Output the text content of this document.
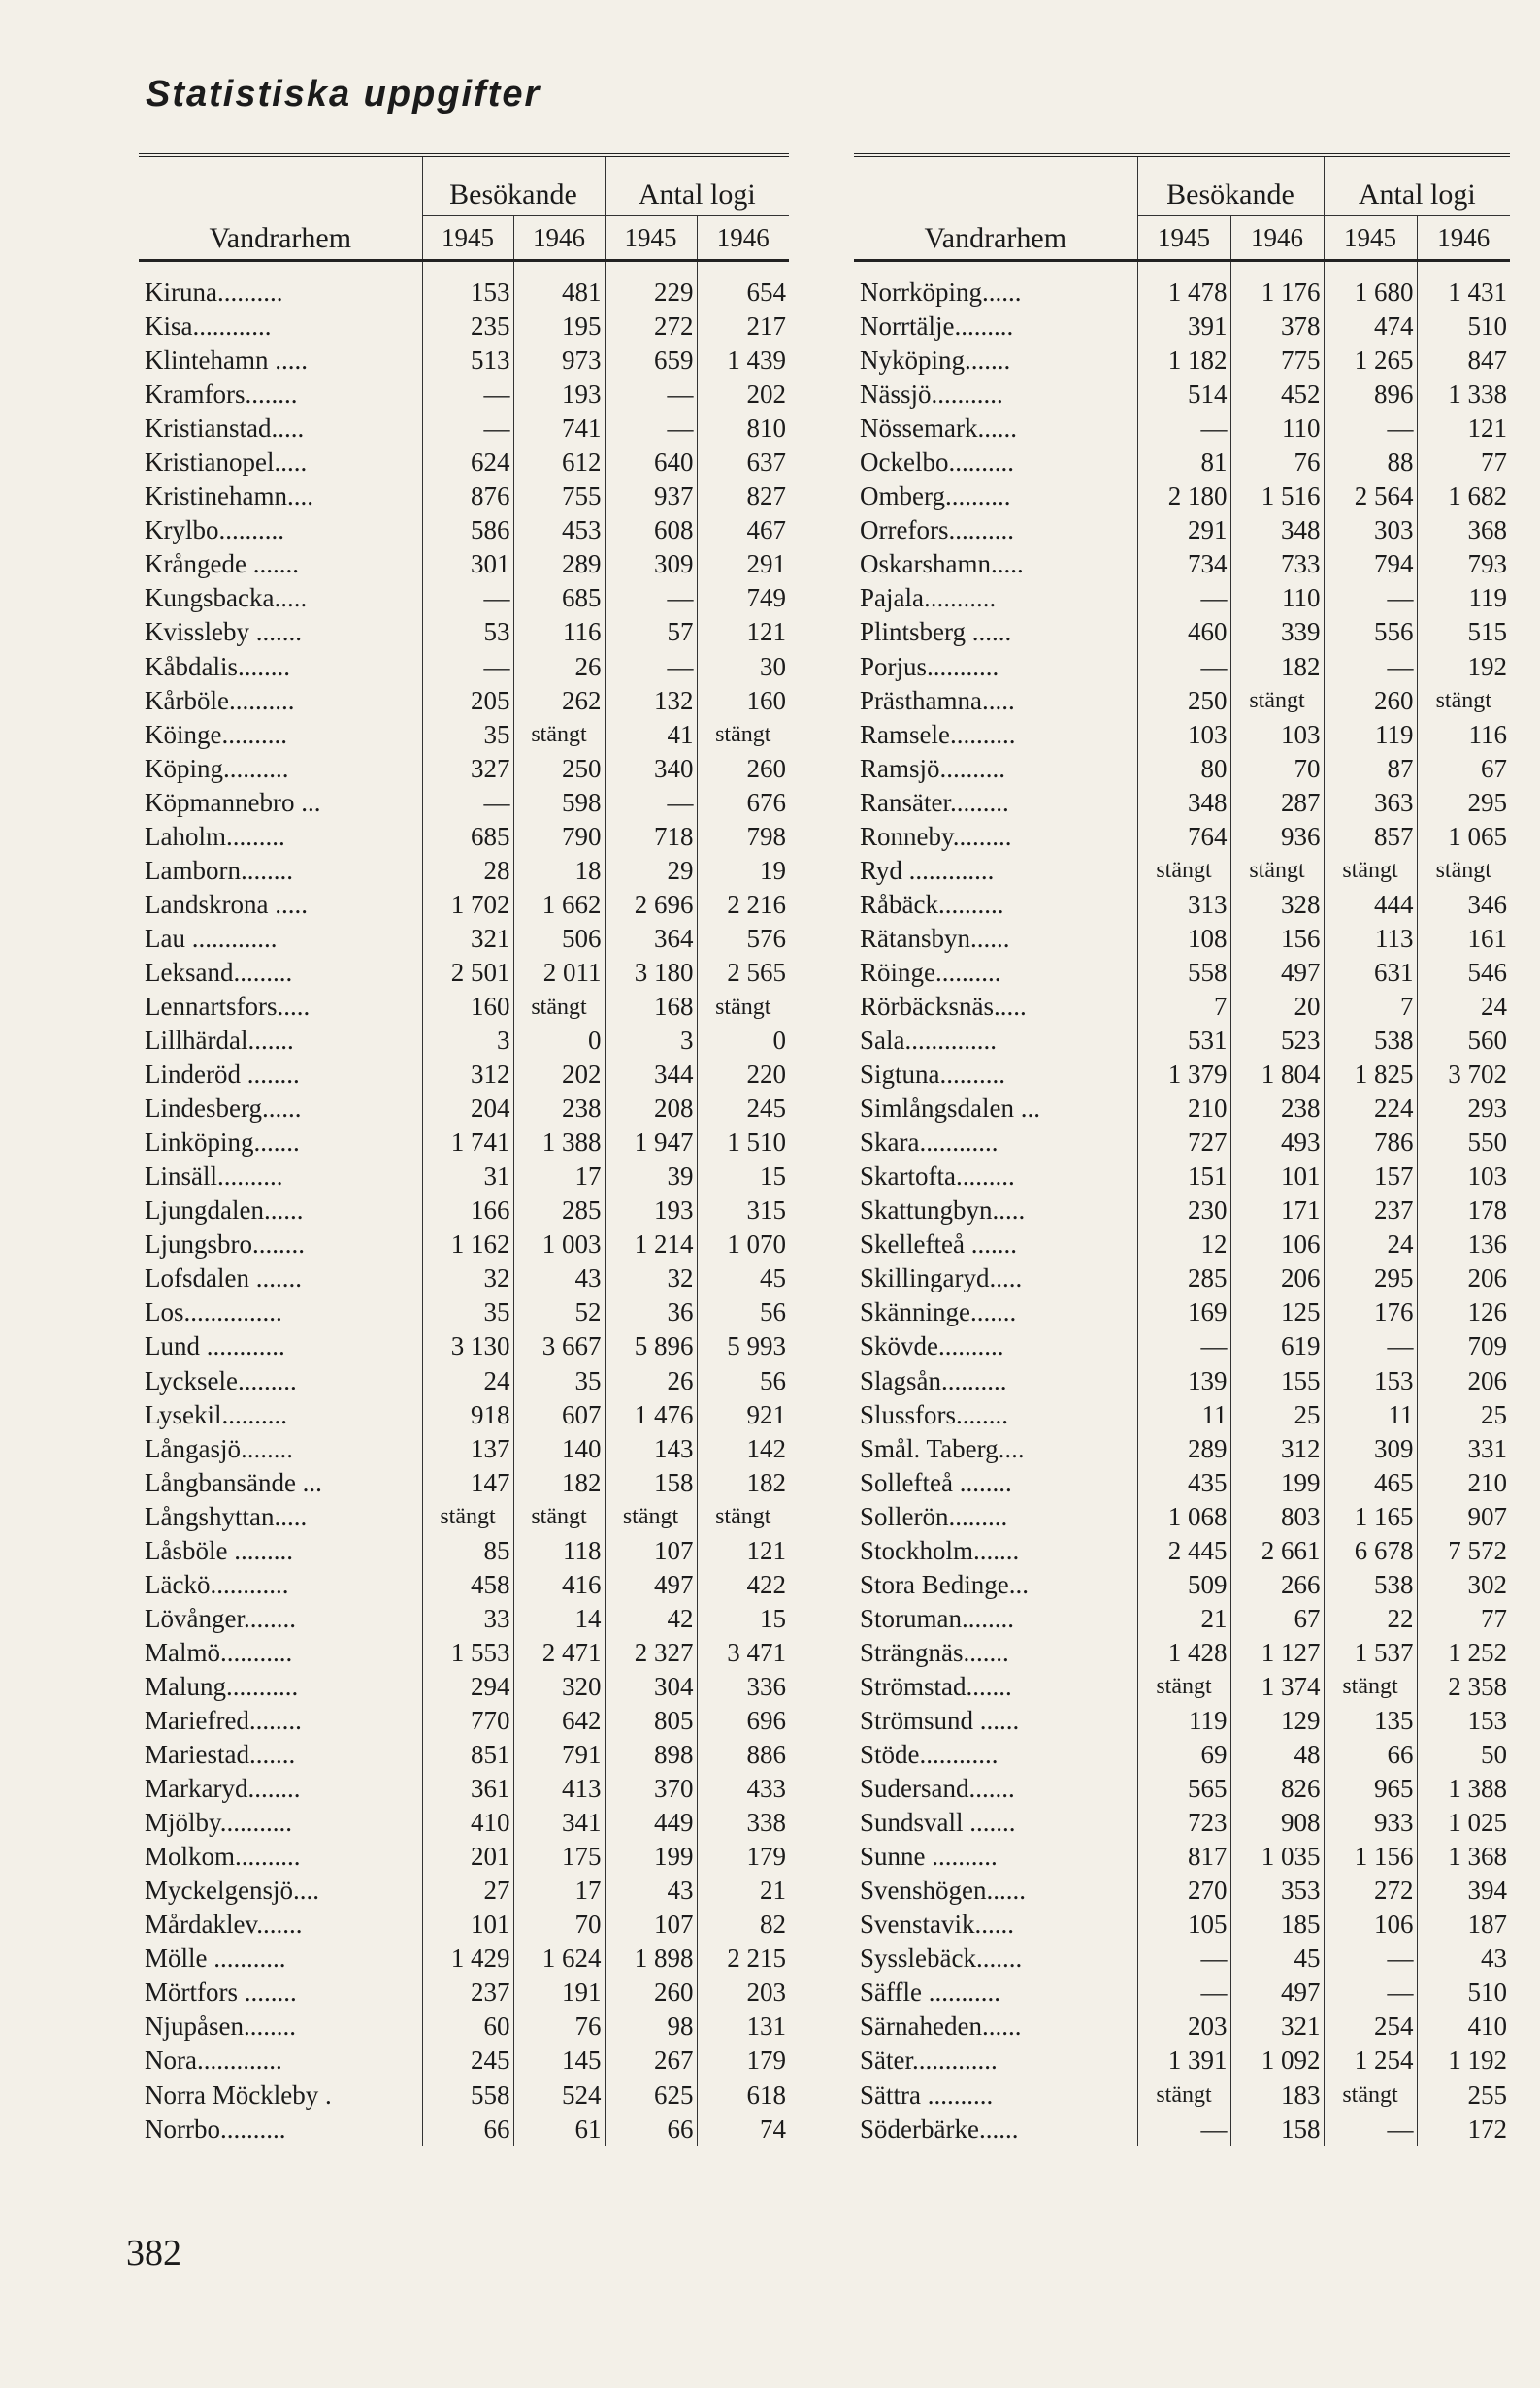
Statistiska uppgifter
Vandrarhem	Besökande		Antal logi	
	1945	1946	1945	1946
Kiruna..........	153	481	229	654
Kisa............	235	195	272	217
Klintehamn .....	513	973	659	1 439
Kramfors........	—	193	—	202
Kristianstad.....	—	741	—	810
Kristianopel.....	624	612	640	637
Kristinehamn....	876	755	937	827
Krylbo..........	586	453	608	467
Krångede .......	301	289	309	291
Kungsbacka.....	—	685	—	749
Kvissleby .......	53	116	57	121
Kåbdalis........	—	26	—	30
Kårböle..........	205	262	132	160
Köinge..........	35	stängt	41	stängt
Köping..........	327	250	340	260
Köpmannebro ...	—	598	—	676
Laholm.........	685	790	718	798
Lamborn........	28	18	29	19
Landskrona .....	1 702	1 662	2 696	2 216
Lau .............	321	506	364	576
Leksand.........	2 501	2 011	3 180	2 565
Lennartsfors.....	160	stängt	168	stängt
Lillhärdal.......	3	0	3	0
Linderöd ........	312	202	344	220
Lindesberg......	204	238	208	245
Linköping.......	1 741	1 388	1 947	1 510
Linsäll..........	31	17	39	15
Ljungdalen......	166	285	193	315
Ljungsbro........	1 162	1 003	1 214	1 070
Lofsdalen .......	32	43	32	45
Los...............	35	52	36	56
Lund ............	3 130	3 667	5 896	5 993
Lycksele.........	24	35	26	56
Lysekil..........	918	607	1 476	921
Långasjö........	137	140	143	142
Långbansände ...	147	182	158	182
Långshyttan.....	stängt	stängt	stängt	stängt
Låsböle .........	85	118	107	121
Läckö............	458	416	497	422
Lövånger........	33	14	42	15
Malmö...........	1 553	2 471	2 327	3 471
Malung...........	294	320	304	336
Mariefred........	770	642	805	696
Mariestad.......	851	791	898	886
Markaryd........	361	413	370	433
Mjölby...........	410	341	449	338
Molkom..........	201	175	199	179
Myckelgensjö....	27	17	43	21
Mårdaklev.......	101	70	107	82
Mölle ...........	1 429	1 624	1 898	2 215
Mörtfors ........	237	191	260	203
Njupåsen........	60	76	98	131
Nora.............	245	145	267	179
Norra Möckleby .	558	524	625	618
Norrbo..........	66	61	66	74
Vandrarhem	Besökande		Antal logi	
	1945	1946	1945	1946
Norrköping......	1 478	1 176	1 680	1 431
Norrtälje.........	391	378	474	510
Nyköping.......	1 182	775	1 265	847
Nässjö...........	514	452	896	1 338
Nössemark......	—	110	—	121
Ockelbo..........	81	76	88	77
Omberg..........	2 180	1 516	2 564	1 682
Orrefors..........	291	348	303	368
Oskarshamn.....	734	733	794	793
Pajala...........	—	110	—	119
Plintsberg ......	460	339	556	515
Porjus...........	—	182	—	192
Prästhamna.....	250	stängt	260	stängt
Ramsele..........	103	103	119	116
Ramsjö..........	80	70	87	67
Ransäter.........	348	287	363	295
Ronneby.........	764	936	857	1 065
Ryd .............	stängt	stängt	stängt	stängt
Råbäck..........	313	328	444	346
Rätansbyn......	108	156	113	161
Röinge..........	558	497	631	546
Rörbäcksnäs.....	7	20	7	24
Sala..............	531	523	538	560
Sigtuna..........	1 379	1 804	1 825	3 702
Simlångsdalen ...	210	238	224	293
Skara............	727	493	786	550
Skartofta.........	151	101	157	103
Skattungbyn.....	230	171	237	178
Skellefteå .......	12	106	24	136
Skillingaryd.....	285	206	295	206
Skänninge.......	169	125	176	126
Skövde..........	—	619	—	709
Slagsån..........	139	155	153	206
Slussfors........	11	25	11	25
Smål. Taberg....	289	312	309	331
Sollefteå ........	435	199	465	210
Sollerön.........	1 068	803	1 165	907
Stockholm.......	2 445	2 661	6 678	7 572
Stora Bedinge...	509	266	538	302
Storuman........	21	67	22	77
Strängnäs.......	1 428	1 127	1 537	1 252
Strömstad.......	stängt	1 374	stängt	2 358
Strömsund ......	119	129	135	153
Stöde............	69	48	66	50
Sudersand.......	565	826	965	1 388
Sundsvall .......	723	908	933	1 025
Sunne ..........	817	1 035	1 156	1 368
Svenshögen......	270	353	272	394
Svenstavik......	105	185	106	187
Sysslebäck.......	—	45	—	43
Säffle ...........	—	497	—	510
Särnaheden......	203	321	254	410
Säter.............	1 391	1 092	1 254	1 192
Sättra ..........	stängt	183	stängt	255
Söderbärke......	—	158	—	172

382
